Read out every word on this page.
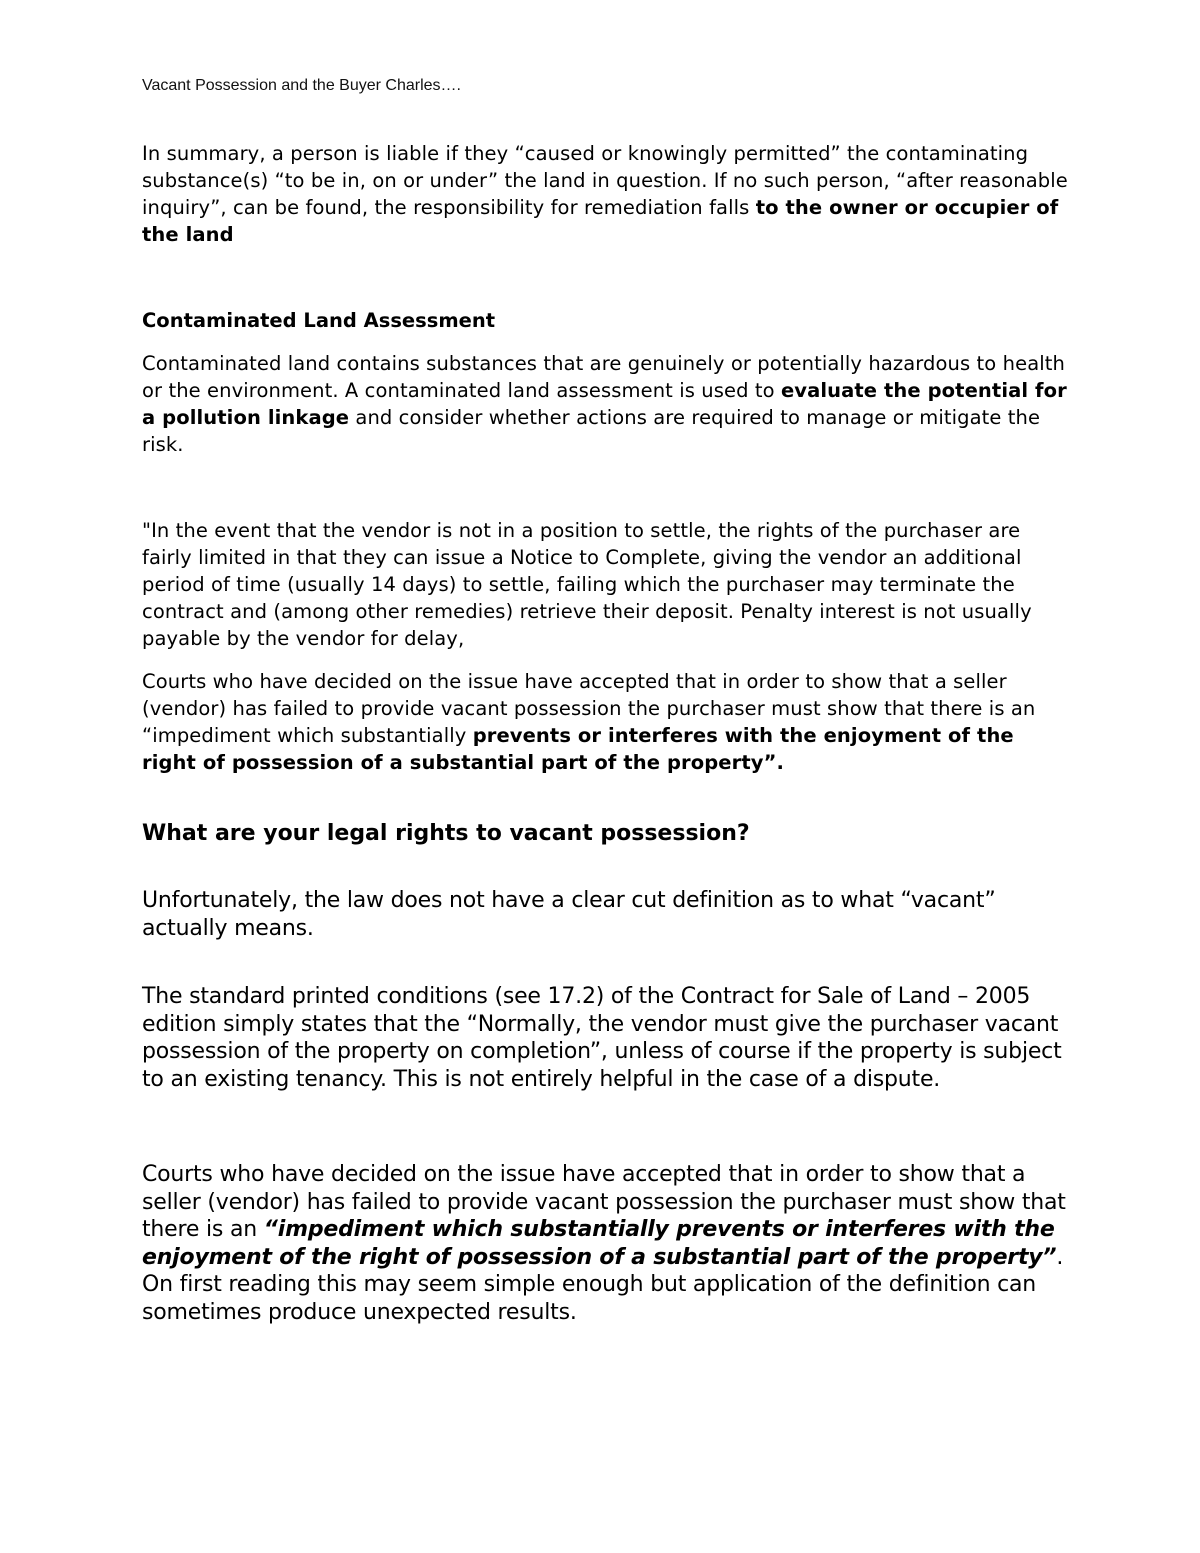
Vacant Possession and the Buyer Charles….

In summary, a person is liable if they “caused or knowingly permitted” the contaminating substance(s) “to be in, on or under” the land in question. If no such person, “after reasonable inquiry”, can be found, the responsibility for remediation falls to the owner or occupier of the land

Contaminated Land Assessment

Contaminated land contains substances that are genuinely or potentially hazardous to health or the environment. A contaminated land assessment is used to evaluate the potential for a pollution linkage and consider whether actions are required to manage or mitigate the risk.

"In the event that the vendor is not in a position to settle, the rights of the purchaser are fairly limited in that they can issue a Notice to Complete, giving the vendor an additional period of time (usually 14 days) to settle, failing which the purchaser may terminate the contract and (among other remedies) retrieve their deposit. Penalty interest is not usually payable by the vendor for delay,

Courts who have decided on the issue have accepted that in order to show that a seller (vendor) has failed to provide vacant possession the purchaser must show that there is an “impediment which substantially prevents or interferes with the enjoyment of the right of possession of a substantial part of the property”.

What are your legal rights to vacant possession?

Unfortunately, the law does not have a clear cut definition as to what “vacant” actually means.

The standard printed conditions (see 17.2) of the Contract for Sale of Land – 2005 edition simply states that the “Normally, the vendor must give the purchaser vacant possession of the property on completion”, unless of course if the property is subject to an existing tenancy. This is not entirely helpful in the case of a dispute.

Courts who have decided on the issue have accepted that in order to show that a seller (vendor) has failed to provide vacant possession the purchaser must show that there is an “impediment which substantially prevents or interferes with the enjoyment of the right of possession of a substantial part of the property”. On first reading this may seem simple enough but application of the definition can sometimes produce unexpected results.
